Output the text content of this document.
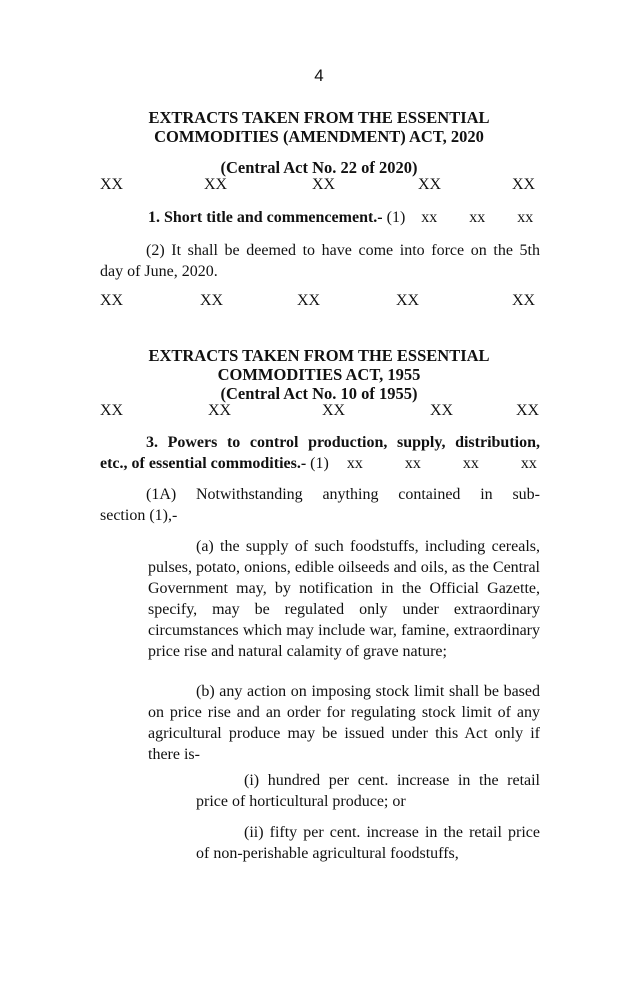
4
EXTRACTS TAKEN FROM THE ESSENTIAL
COMMODITIES (AMENDMENT) ACT, 2020
(Central Act No. 22 of 2020)
XX	XX	XX	XX	XX
1. Short title and commencement.- (1) xx xx xx
(2) It shall be deemed to have come into force on the 5th
day of June, 2020.
XX	XX	XX	XX	XX
EXTRACTS TAKEN FROM THE ESSENTIAL
COMMODITIES ACT, 1955
(Central Act No. 10 of 1955)
XX	XX	XX	XX	XX
3. Powers to control production, supply, distribution,
etc., of essential commodities.- (1) xx	xx	xx	xx
(1A) Notwithstanding anything contained in sub-
section (1),-
(a) the supply of such foodstuffs, including cereals, pulses, potato, onions, edible oilseeds and oils, as the Central Government may, by notification in the Official Gazette, specify, may be regulated only under extraordinary circumstances which may include war, famine, extraordinary price rise and natural calamity of grave nature;
(b) any action on imposing stock limit shall be based on price rise and an order for regulating stock limit of any agricultural produce may be issued under this Act only if there is-
(i) hundred per cent. increase in the retail price of horticultural produce; or
(ii) fifty per cent. increase in the retail price of non-perishable agricultural foodstuffs,
